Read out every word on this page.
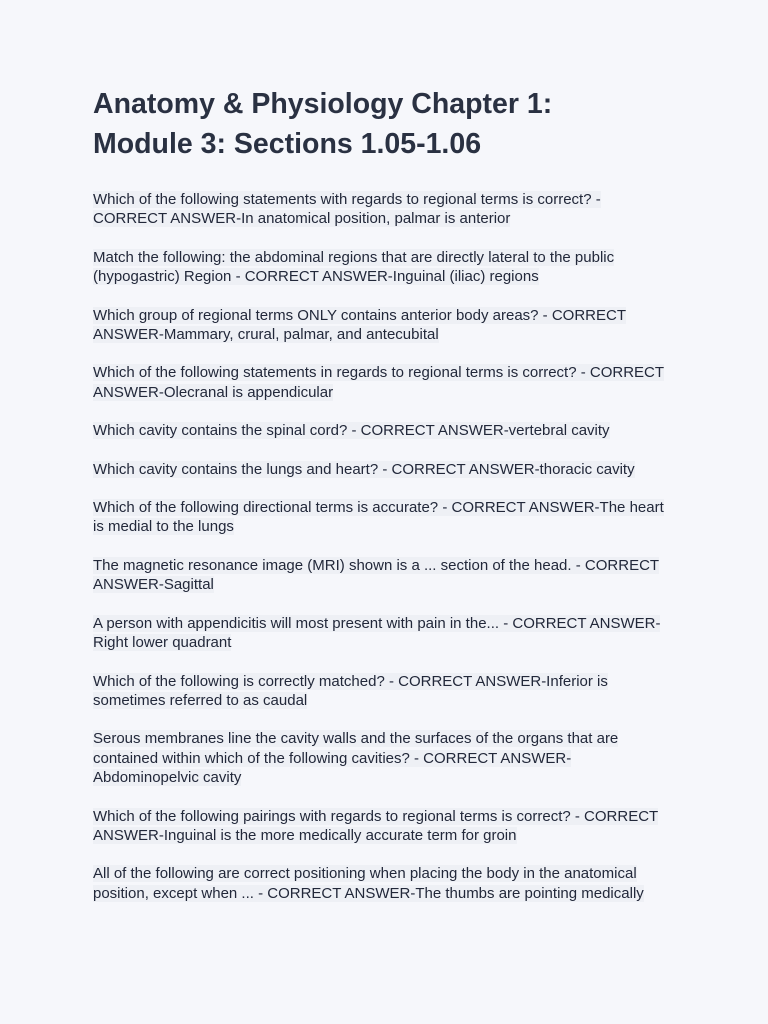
Anatomy & Physiology Chapter 1:
Module 3: Sections 1.05-1.06

Which of the following statements with regards to regional terms is correct? - CORRECT ANSWER-In anatomical position, palmar is anterior

Match the following: the abdominal regions that are directly lateral to the public (hypogastric) Region - CORRECT ANSWER-Inguinal (iliac) regions

Which group of regional terms ONLY contains anterior body areas? - CORRECT ANSWER-Mammary, crural, palmar, and antecubital

Which of the following statements in regards to regional terms is correct? - CORRECT ANSWER-Olecranal is appendicular

Which cavity contains the spinal cord? - CORRECT ANSWER-vertebral cavity

Which cavity contains the lungs and heart? - CORRECT ANSWER-thoracic cavity

Which of the following directional terms is accurate? - CORRECT ANSWER-The heart is medial to the lungs

The magnetic resonance image (MRI) shown is a ... section of the head. - CORRECT ANSWER-Sagittal

A person with appendicitis will most present with pain in the... - CORRECT ANSWER-Right lower quadrant

Which of the following is correctly matched? - CORRECT ANSWER-Inferior is sometimes referred to as caudal

Serous membranes line the cavity walls and the surfaces of the organs that are contained within which of the following cavities? - CORRECT ANSWER-Abdominopelvic cavity

Which of the following pairings with regards to regional terms is correct? - CORRECT ANSWER-Inguinal is the more medically accurate term for groin

All of the following are correct positioning when placing the body in the anatomical position, except when ... - CORRECT ANSWER-The thumbs are pointing medically
